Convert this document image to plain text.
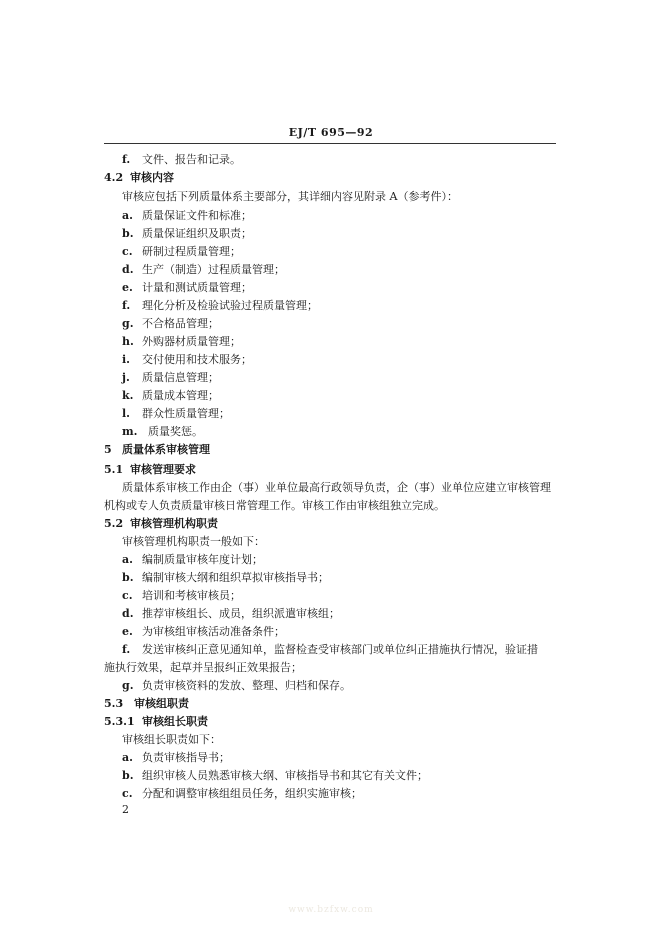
EJ/T 695—92
f. 文件、报告和记录。
4.2 审核内容
审核应包括下列质量体系主要部分，其详细内容见附录 A（参考件）：
a. 质量保证文件和标准；
b. 质量保证组织及职责；
c. 研制过程质量管理；
d. 生产（制造）过程质量管理；
e. 计量和测试质量管理；
f. 理化分析及检验试验过程质量管理；
g. 不合格品管理；
h. 外购器材质量管理；
i. 交付使用和技术服务；
j. 质量信息管理；
k. 质量成本管理；
l. 群众性质量管理；
m. 质量奖惩。
5 质量体系审核管理
5.1 审核管理要求
质量体系审核工作由企（事）业单位最高行政领导负责，企（事）业单位应建立审核管理
机构或专人负责质量审核日常管理工作。审核工作由审核组独立完成。
5.2 审核管理机构职责
审核管理机构职责一般如下：
a. 编制质量审核年度计划；
b. 编制审核大纲和组织草拟审核指导书；
c. 培训和考核审核员；
d. 推荐审核组长、成员，组织派遣审核组；
e. 为审核组审核活动准备条件；
f. 发送审核纠正意见通知单，监督检查受审核部门或单位纠正措施执行情况，验证措
施执行效果，起草并呈报纠正效果报告；
g. 负责审核资料的发放、整理、归档和保存。
5.3 审核组职责
5.3.1 审核组长职责
审核组长职责如下：
a. 负责审核指导书；
b. 组织审核人员熟悉审核大纲、审核指导书和其它有关文件；
c. 分配和调整审核组组员任务，组织实施审核；
2
www.bzfxw.com
